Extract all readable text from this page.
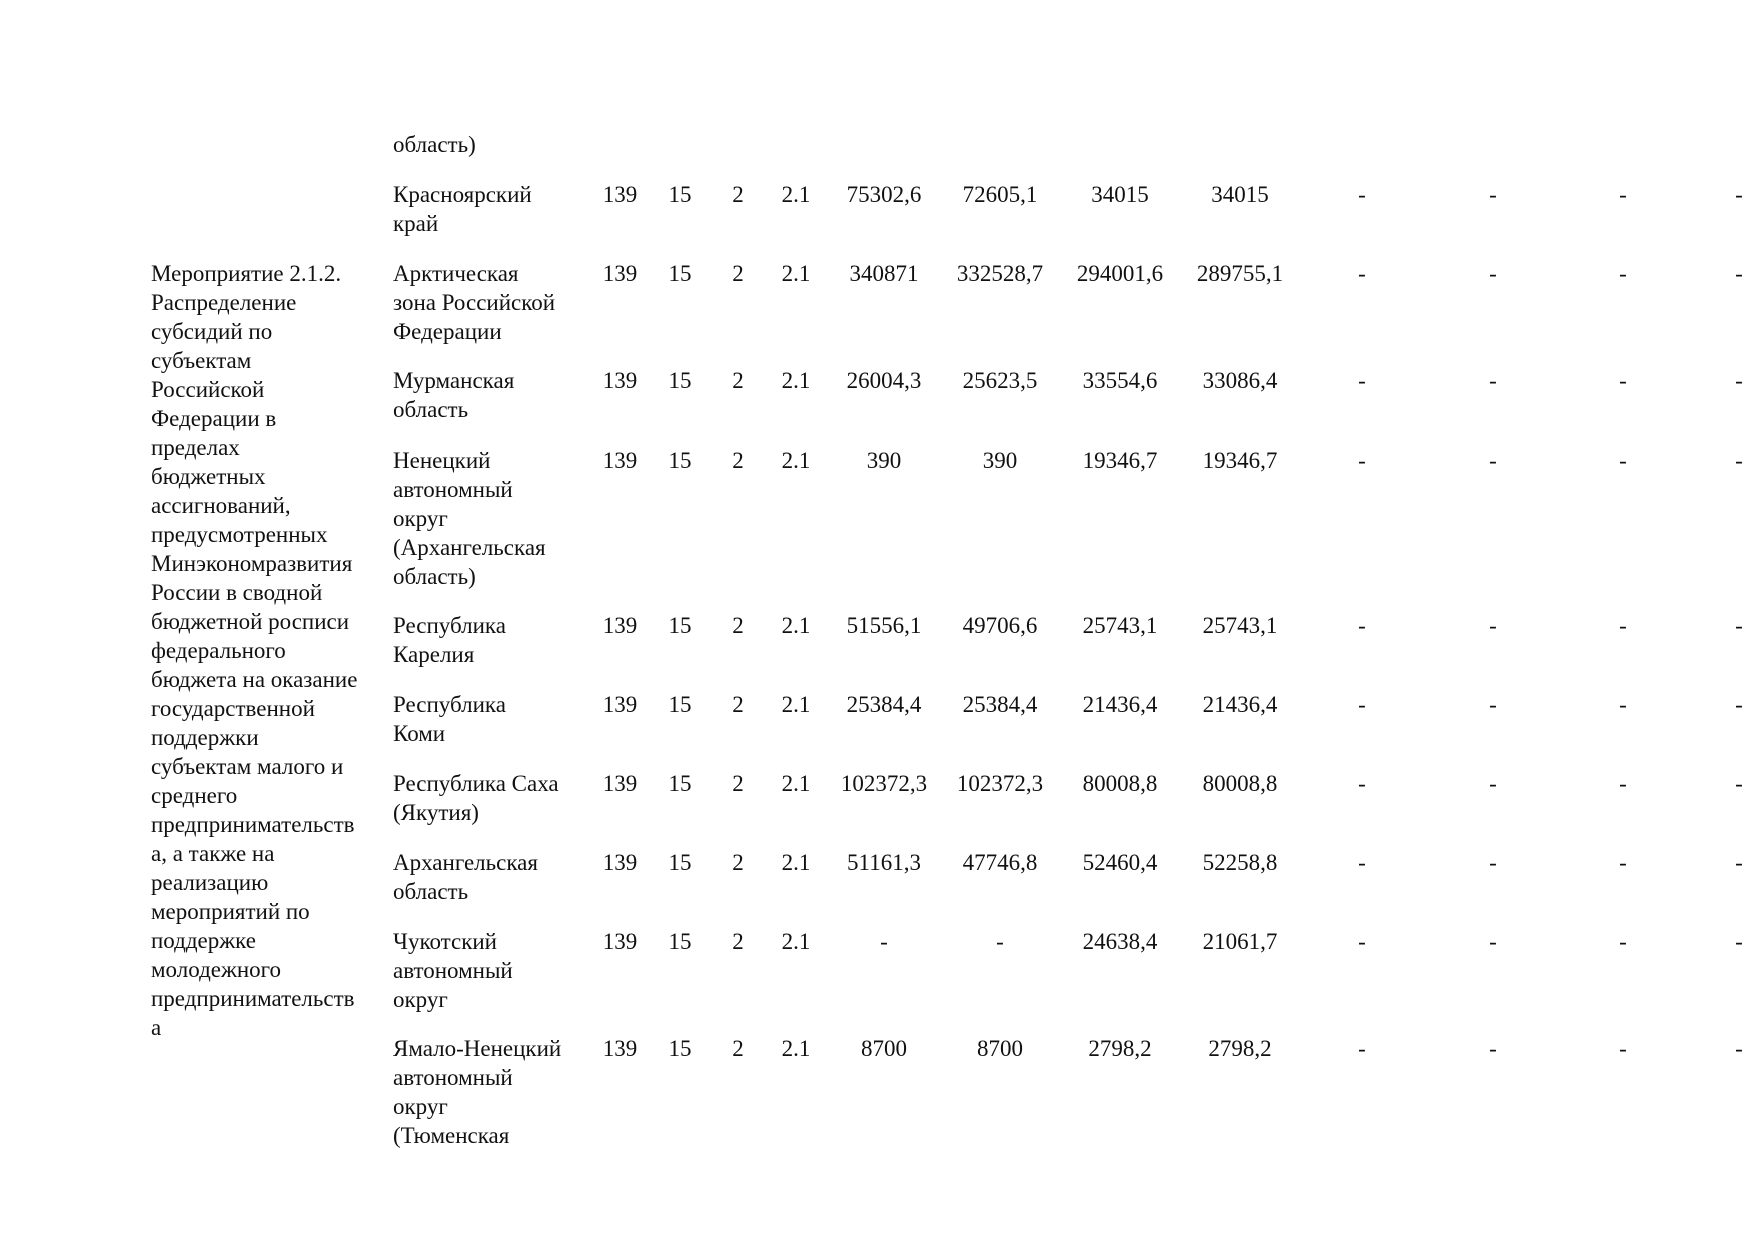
область)
Мероприятие 2.1.2.
Распределение
субсидий по
субъектам
Российской
Федерации в
пределах
бюджетных
ассигнований,
предусмотренных
Минэкономразвития
России в сводной
бюджетной росписи
федерального
бюджета на оказание
государственной
поддержки
субъектам малого и
среднего
предпринимательств
а, а также на
реализацию
мероприятий по
поддержке
молодежного
предпринимательств
а
Красноярский
край
139	15	2	2.1	75302,6	72605,1	34015	34015	-	-	-	-
Арктическая
зона Российской
Федерации
139	15	2	2.1	340871	332528,7	294001,6	289755,1	-	-	-	-
Мурманская
область
139	15	2	2.1	26004,3	25623,5	33554,6	33086,4	-	-	-	-
Ненецкий
автономный
округ
(Архангельская
область)
139	15	2	2.1	390	390	19346,7	19346,7	-	-	-	-
Республика
Карелия
139	15	2	2.1	51556,1	49706,6	25743,1	25743,1	-	-	-	-
Республика
Коми
139	15	2	2.1	25384,4	25384,4	21436,4	21436,4	-	-	-	-
Республика Саха
(Якутия)
139	15	2	2.1	102372,3	102372,3	80008,8	80008,8	-	-	-	-
Архангельская
область
139	15	2	2.1	51161,3	47746,8	52460,4	52258,8	-	-	-	-
Чукотский
автономный
округ
139	15	2	2.1	-	-	24638,4	21061,7	-	-	-	-
Ямало-Ненецкий
автономный
округ
(Тюменская
139	15	2	2.1	8700	8700	2798,2	2798,2	-	-	-	-
